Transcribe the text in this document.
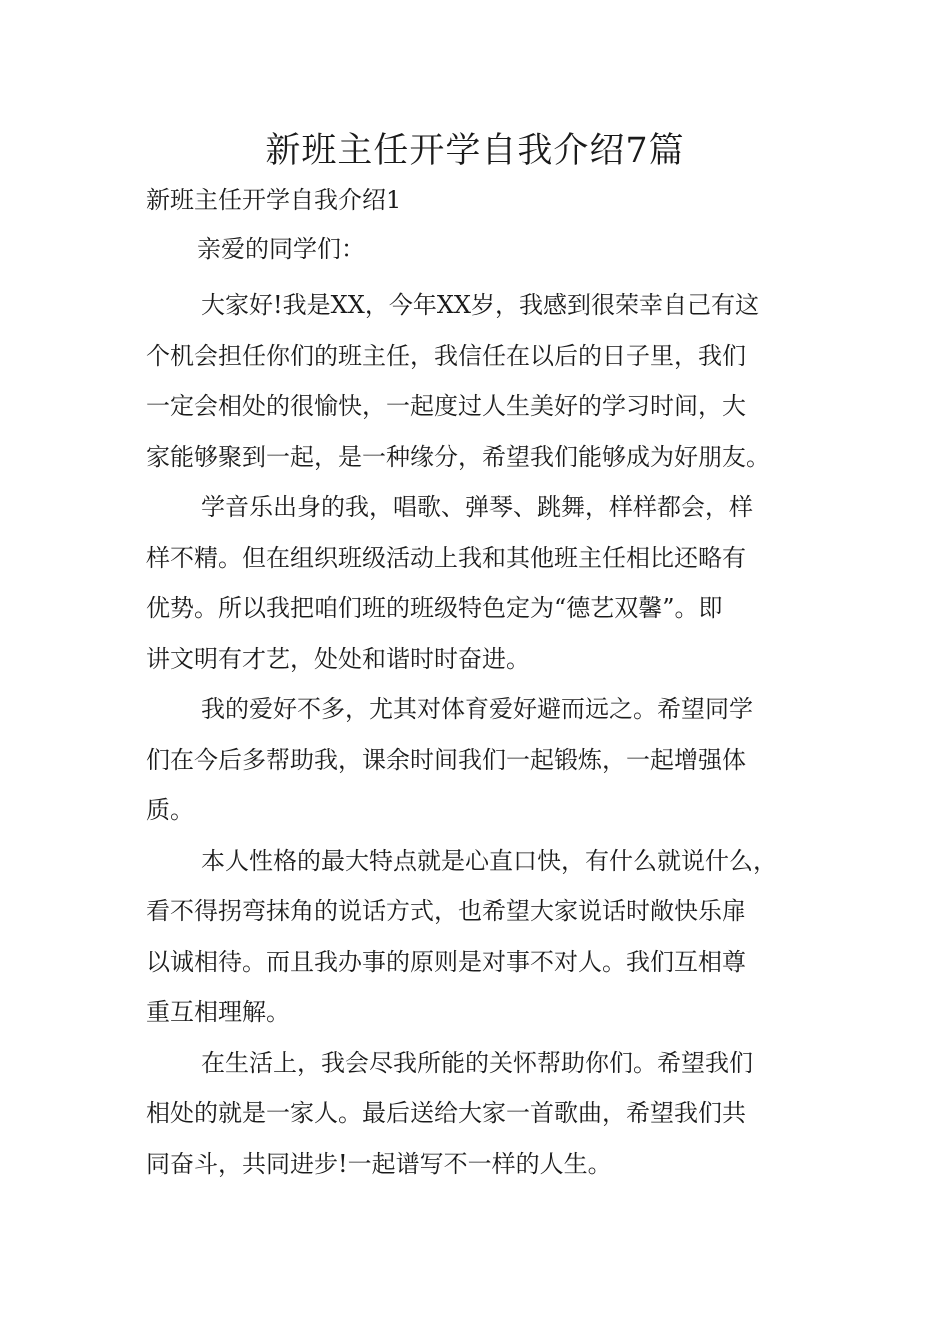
新班主任开学自我介绍7篇

新班主任开学自我介绍1

亲爱的同学们：

大家好!我是XX，今年XX岁，我感到很荣幸自己有这
个机会担任你们的班主任，我信任在以后的日子里，我们
一定会相处的很愉快，一起度过人生美好的学习时间，大
家能够聚到一起，是一种缘分，希望我们能够成为好朋友。
学音乐出身的我，唱歌、弹琴、跳舞，样样都会，样
样不精。但在组织班级活动上我和其他班主任相比还略有
优势。所以我把咱们班的班级特色定为“德艺双馨”。即
讲文明有才艺，处处和谐时时奋进。
我的爱好不多，尤其对体育爱好避而远之。希望同学
们在今后多帮助我，课余时间我们一起锻炼，一起增强体
质。
本人性格的最大特点就是心直口快，有什么就说什么，
看不得拐弯抹角的说话方式，也希望大家说话时敞快乐扉
以诚相待。而且我办事的原则是对事不对人。我们互相尊
重互相理解。
在生活上，我会尽我所能的关怀帮助你们。希望我们
相处的就是一家人。最后送给大家一首歌曲，希望我们共
同奋斗，共同进步!一起谱写不一样的人生。
